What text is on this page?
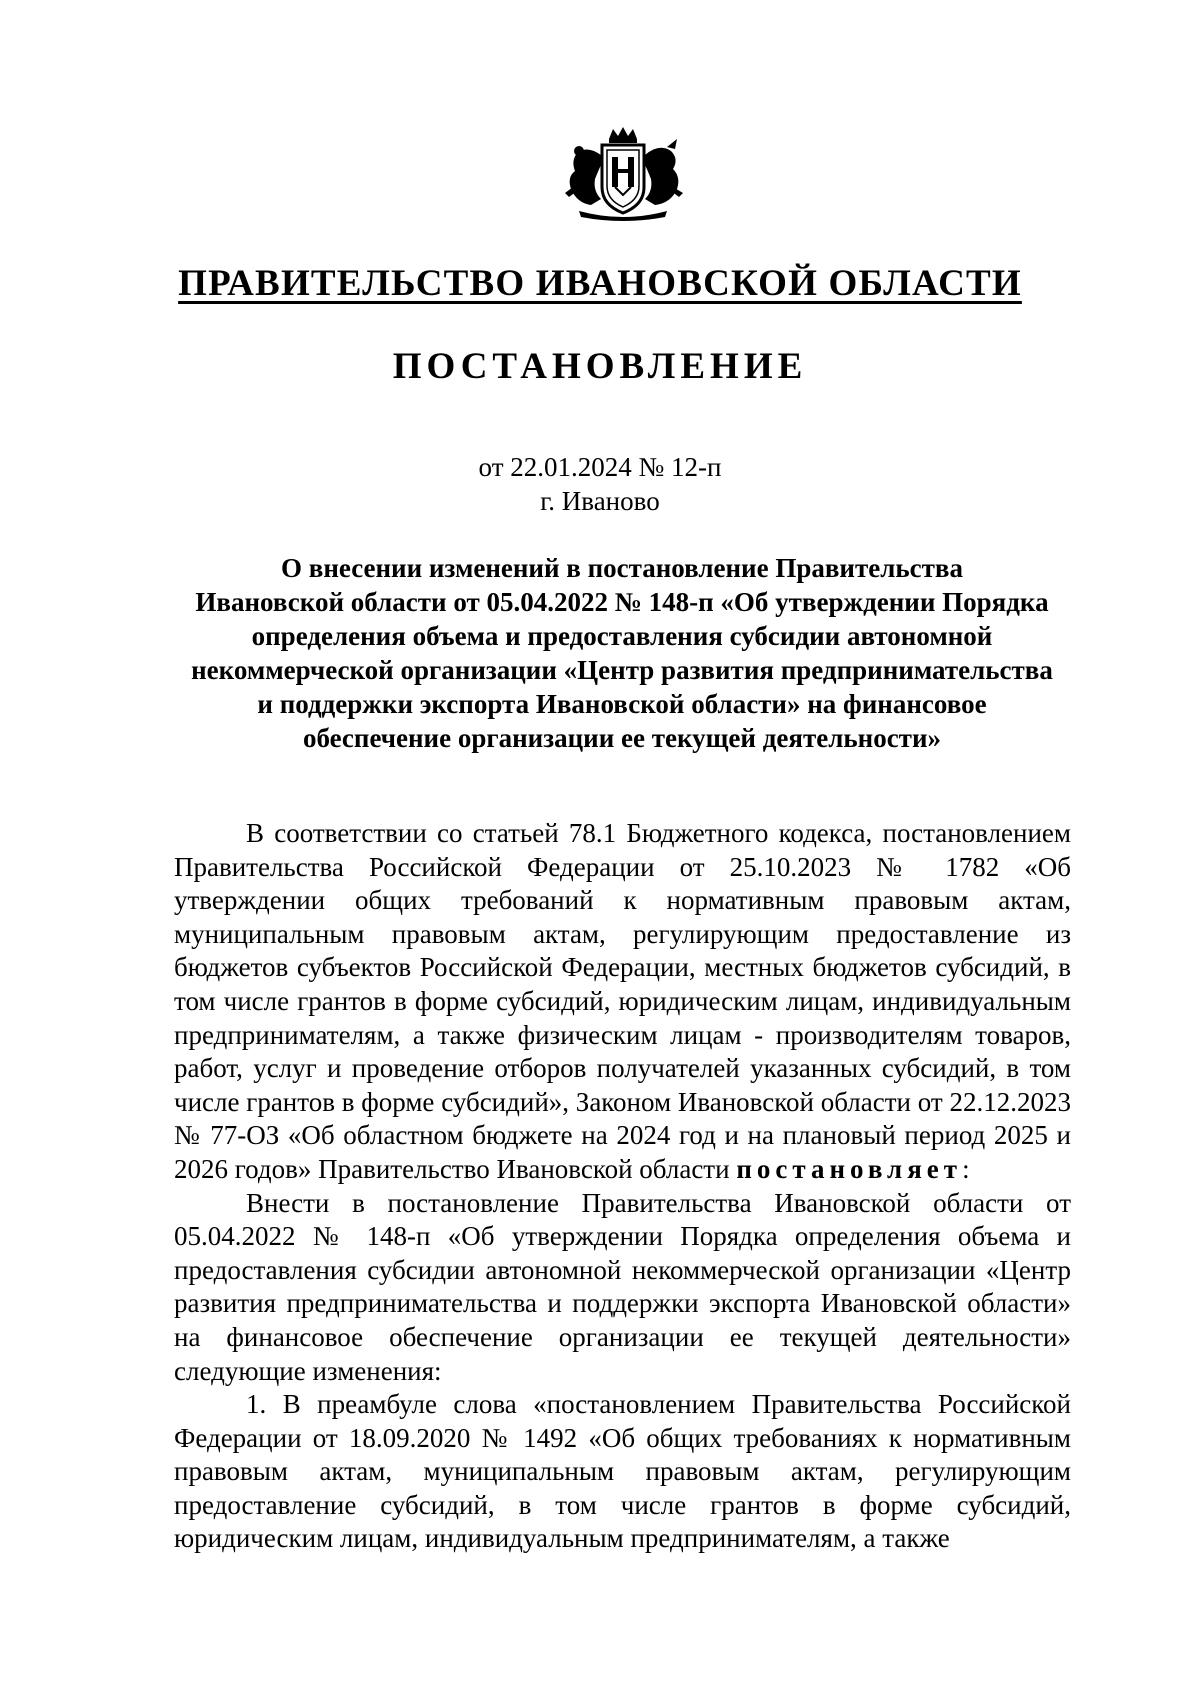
ПРАВИТЕЛЬСТВО ИВАНОВСКОЙ ОБЛАСТИ
ПОСТАНОВЛЕНИЕ
от 22.01.2024 № 12-п
г. Иваново
О внесении изменений в постановление Правительства
Ивановской области от 05.04.2022 № 148-п «Об утверждении Порядка
определения объема и предоставления субсидии автономной
некоммерческой организации «Центр развития предпринимательства
и поддержки экспорта Ивановской области» на финансовое
обеспечение организации ее текущей деятельности»

В соответствии со статьей 78.1 Бюджетного кодекса, постановлением Правительства Российской Федерации от 25.10.2023 № 1782 «Об утверждении общих требований к нормативным правовым актам, муниципальным правовым актам, регулирующим предоставление из бюджетов субъектов Российской Федерации, местных бюджетов субсидий, в том числе грантов в форме субсидий, юридическим лицам, индивидуальным предпринимателям, а также физическим лицам - производителям товаров, работ, услуг и проведение отборов получателей указанных субсидий, в том числе грантов в форме субсидий», Законом Ивановской области от 22.12.2023 № 77-ОЗ «Об областном бюджете на 2024 год и на плановый период 2025 и 2026 годов» Правительство Ивановской области постановляет:

Внести в постановление Правительства Ивановской области от 05.04.2022 № 148-п «Об утверждении Порядка определения объема и предоставления субсидии автономной некоммерческой организации «Центр развития предпринимательства и поддержки экспорта Ивановской области» на финансовое обеспечение организации ее текущей деятельности» следующие изменения:

1. В преамбуле слова «постановлением Правительства Российской Федерации от 18.09.2020 № 1492 «Об общих требованиях к нормативным правовым актам, муниципальным правовым актам, регулирующим предоставление субсидий, в том числе грантов в форме субсидий, юридическим лицам, индивидуальным предпринимателям, а также
